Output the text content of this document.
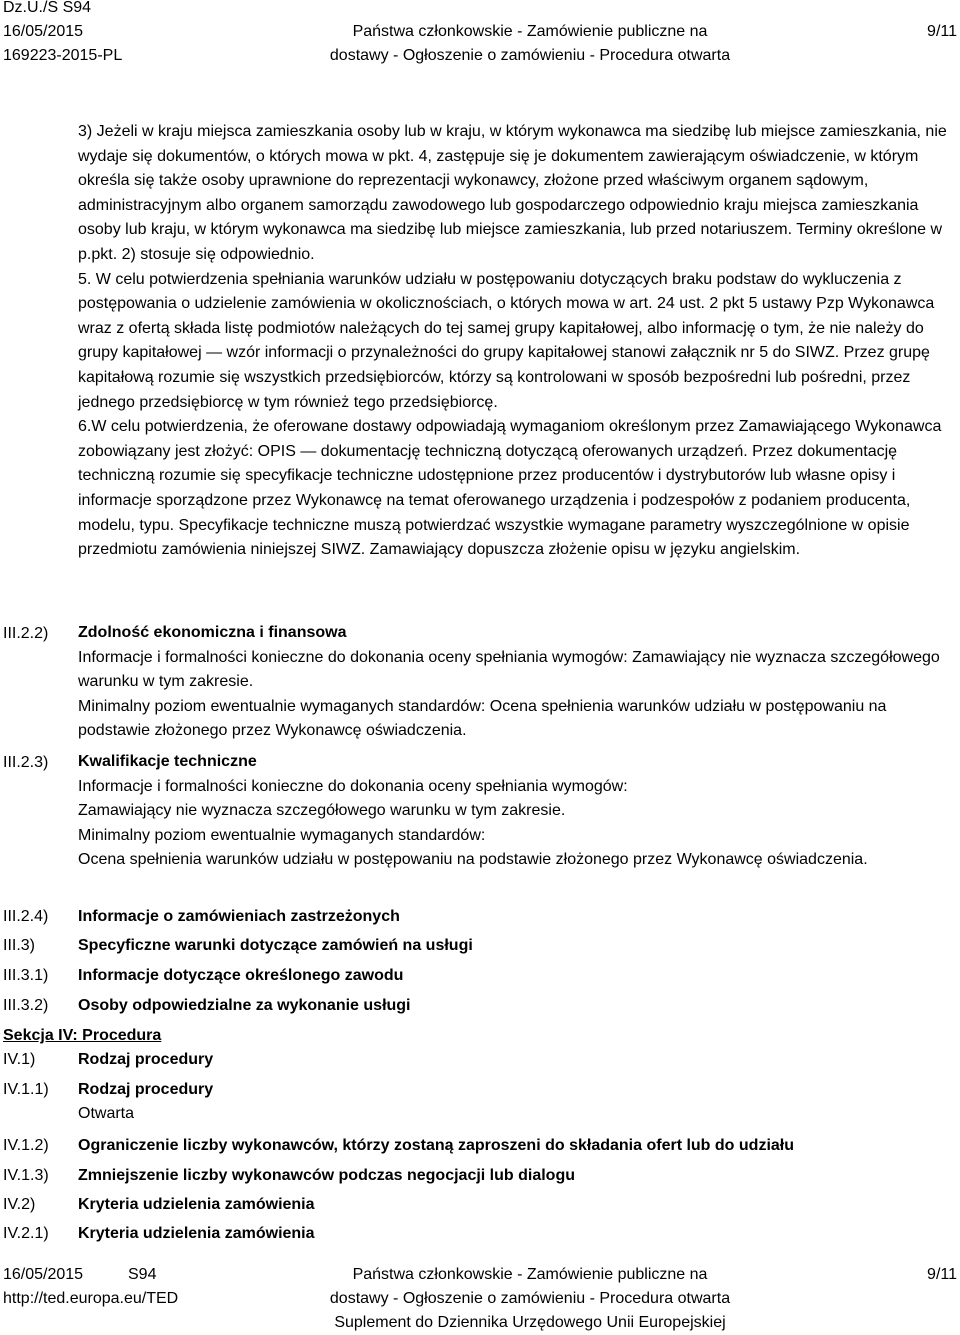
Dz.U./S S94
16/05/2015
169223-2015-PL
Państwa członkowskie - Zamówienie publiczne na
dostawy - Ogłoszenie o zamówieniu - Procedura otwarta
9/11

3) Jeżeli w kraju miejsca zamieszkania osoby lub w kraju, w którym wykonawca ma siedzibę lub miejsce zamieszkania, nie wydaje się dokumentów, o których mowa w pkt. 4, zastępuje się je dokumentem zawierającym oświadczenie, w którym określa się także osoby uprawnione do reprezentacji wykonawcy, złożone przed właściwym organem sądowym, administracyjnym albo organem samorządu zawodowego lub gospodarczego odpowiednio kraju miejsca zamieszkania osoby lub kraju, w którym wykonawca ma siedzibę lub miejsce zamieszkania, lub przed notariuszem. Terminy określone w p.pkt. 2) stosuje się odpowiednio.

5. W celu potwierdzenia spełniania warunków udziału w postępowaniu dotyczących braku podstaw do wykluczenia z postępowania o udzielenie zamówienia w okolicznościach, o których mowa w art. 24 ust. 2 pkt 5 ustawy Pzp Wykonawca wraz z ofertą składa listę podmiotów należących do tej samej grupy kapitałowej, albo informację o tym, że nie należy do grupy kapitałowej — wzór informacji o przynależności do grupy kapitałowej stanowi załącznik nr 5 do SIWZ. Przez grupę kapitałową rozumie się wszystkich przedsiębiorców, którzy są kontrolowani w sposób bezpośredni lub pośredni, przez jednego przedsiębiorcę w tym również tego przedsiębiorcę.

6.W celu potwierdzenia, że oferowane dostawy odpowiadają wymaganiom określonym przez Zamawiającego Wykonawca zobowiązany jest złożyć: OPIS — dokumentację techniczną dotyczącą oferowanych urządzeń. Przez dokumentację techniczną rozumie się specyfikacje techniczne udostępnione przez producentów i dystrybutorów lub własne opisy i informacje sporządzone przez Wykonawcę na temat oferowanego urządzenia i podzespołów z podaniem producenta, modelu, typu. Specyfikacje techniczne muszą potwierdzać wszystkie wymagane parametry wyszczególnione w opisie przedmiotu zamówienia niniejszej SIWZ. Zamawiający dopuszcza złożenie opisu w języku angielskim.

III.2.2) Zdolność ekonomiczna i finansowa
Informacje i formalności konieczne do dokonania oceny spełniania wymogów: Zamawiający nie wyznacza szczegółowego warunku w tym zakresie.
Minimalny poziom ewentualnie wymaganych standardów: Ocena spełnienia warunków udziału w postępowaniu na podstawie złożonego przez Wykonawcę oświadczenia.
III.2.3) Kwalifikacje techniczne
Informacje i formalności konieczne do dokonania oceny spełniania wymogów:
Zamawiający nie wyznacza szczegółowego warunku w tym zakresie.
Minimalny poziom ewentualnie wymaganych standardów:
Ocena spełnienia warunków udziału w postępowaniu na podstawie złożonego przez Wykonawcę oświadczenia.
III.2.4) Informacje o zamówieniach zastrzeżonych
III.3)	Specyficzne warunki dotyczące zamówień na usługi
III.3.1) Informacje dotyczące określonego zawodu
III.3.2) Osoby odpowiedzialne za wykonanie usługi
Sekcja IV: Procedura
IV.1)	Rodzaj procedury
IV.1.1) Rodzaj procedury
Otwarta
IV.1.2) Ograniczenie liczby wykonawców, którzy zostaną zaproszeni do składania ofert lub do udziału
IV.1.3) Zmniejszenie liczby wykonawców podczas negocjacji lub dialogu
IV.2)	Kryteria udzielenia zamówienia
IV.2.1) Kryteria udzielenia zamówienia
16/05/2015	S94
http://ted.europa.eu/TED
Państwa członkowskie - Zamówienie publiczne na
dostawy - Ogłoszenie o zamówieniu - Procedura otwarta
Suplement do Dziennika Urzędowego Unii Europejskiej
9/11
